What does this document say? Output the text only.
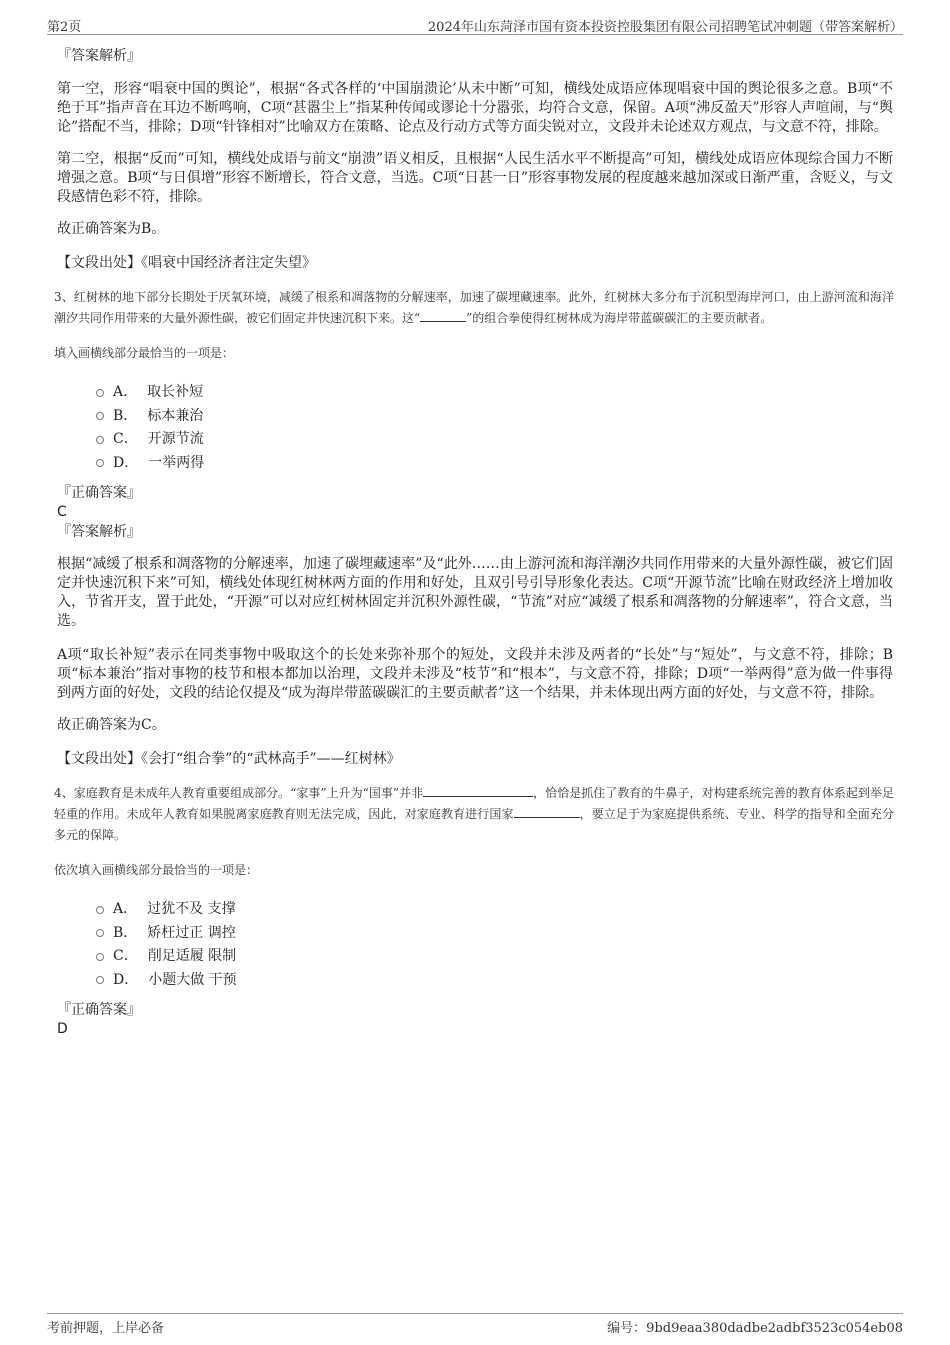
第2页	2024年山东菏泽市国有资本投资控股集团有限公司招聘笔试冲刺题（带答案解析）

『答案解析』

第一空，形容“唱衰中国的舆论”，根据“各式各样的‘中国崩溃论’从未中断”可知，横线处成语应体现唱衰中国的舆论很多之意。B项“不绝于耳”指声音在耳边不断鸣响，C项“甚嚣尘上”指某种传闻或谬论十分嚣张，均符合文意，保留。A项“沸反盈天”形容人声喧闹，与“舆论”搭配不当，排除；D项“针锋相对”比喻双方在策略、论点及行动方式等方面尖锐对立，文段并未论述双方观点，与文意不符，排除。

第二空，根据“反而”可知，横线处成语与前文“崩溃”语义相反，且根据“人民生活水平不断提高”可知，横线处成语应体现综合国力不断增强之意。B项“与日俱增”形容不断增长，符合文意，当选。C项“日甚一日”形容事物发展的程度越来越加深或日渐严重，含贬义，与文段感情色彩不符，排除。

故正确答案为B。

【文段出处】《唱衰中国经济者注定失望》

3、红树林的地下部分长期处于厌氧环境，减缓了根系和凋落物的分解速率，加速了碳埋藏速率。此外，红树林大多分布于沉积型海岸河口，由上游河流和海洋潮汐共同作用带来的大量外源性碳，被它们固定并快速沉积下来。这“	”的组合拳使得红树林成为海岸带蓝碳碳汇的主要贡献者。

填入画横线部分最恰当的一项是：

A． 取长补短
B． 标本兼治
C． 开源节流
D． 一举两得

『正确答案』

C

『答案解析』

根据“减缓了根系和凋落物的分解速率，加速了碳埋藏速率”及“此外……由上游河流和海洋潮汐共同作用带来的大量外源性碳，被它们固定并快速沉积下来”可知，横线处体现红树林两方面的作用和好处，且双引号引导形象化表达。C项“开源节流”比喻在财政经济上增加收入，节省开支，置于此处，“开源”可以对应红树林固定并沉积外源性碳，“节流”对应“减缓了根系和凋落物的分解速率”，符合文意，当选。

A项“取长补短”表示在同类事物中吸取这个的长处来弥补那个的短处，文段并未涉及两者的“长处”与“短处”，与文意不符，排除；B项“标本兼治”指对事物的枝节和根本都加以治理，文段并未涉及“枝节”和“根本”，与文意不符，排除；D项“一举两得”意为做一件事得到两方面的好处，文段的结论仅提及“成为海岸带蓝碳碳汇的主要贡献者”这一个结果，并未体现出两方面的好处，与文意不符，排除。

故正确答案为C。

【文段出处】《会打“组合拳”的“武林高手”——红树林》

4、家庭教育是未成年人教育重要组成部分。“家事”上升为“国事”并非	，恰恰是抓住了教育的牛鼻子，对构建系统完善的教育体系起到举足轻重的作用。未成年人教育如果脱离家庭教育则无法完成，因此，对家庭教育进行国家	，要立足于为家庭提供系统、专业、科学的指导和全面充分多元的保障。

依次填入画横线部分最恰当的一项是：

A． 过犹不及 支撑
B． 矫枉过正 调控
C． 削足适履 限制
D． 小题大做 干预

『正确答案』

D

考前押题，上岸必备	编号：9bd9eaa380dadbe2adbf3523c054eb08
